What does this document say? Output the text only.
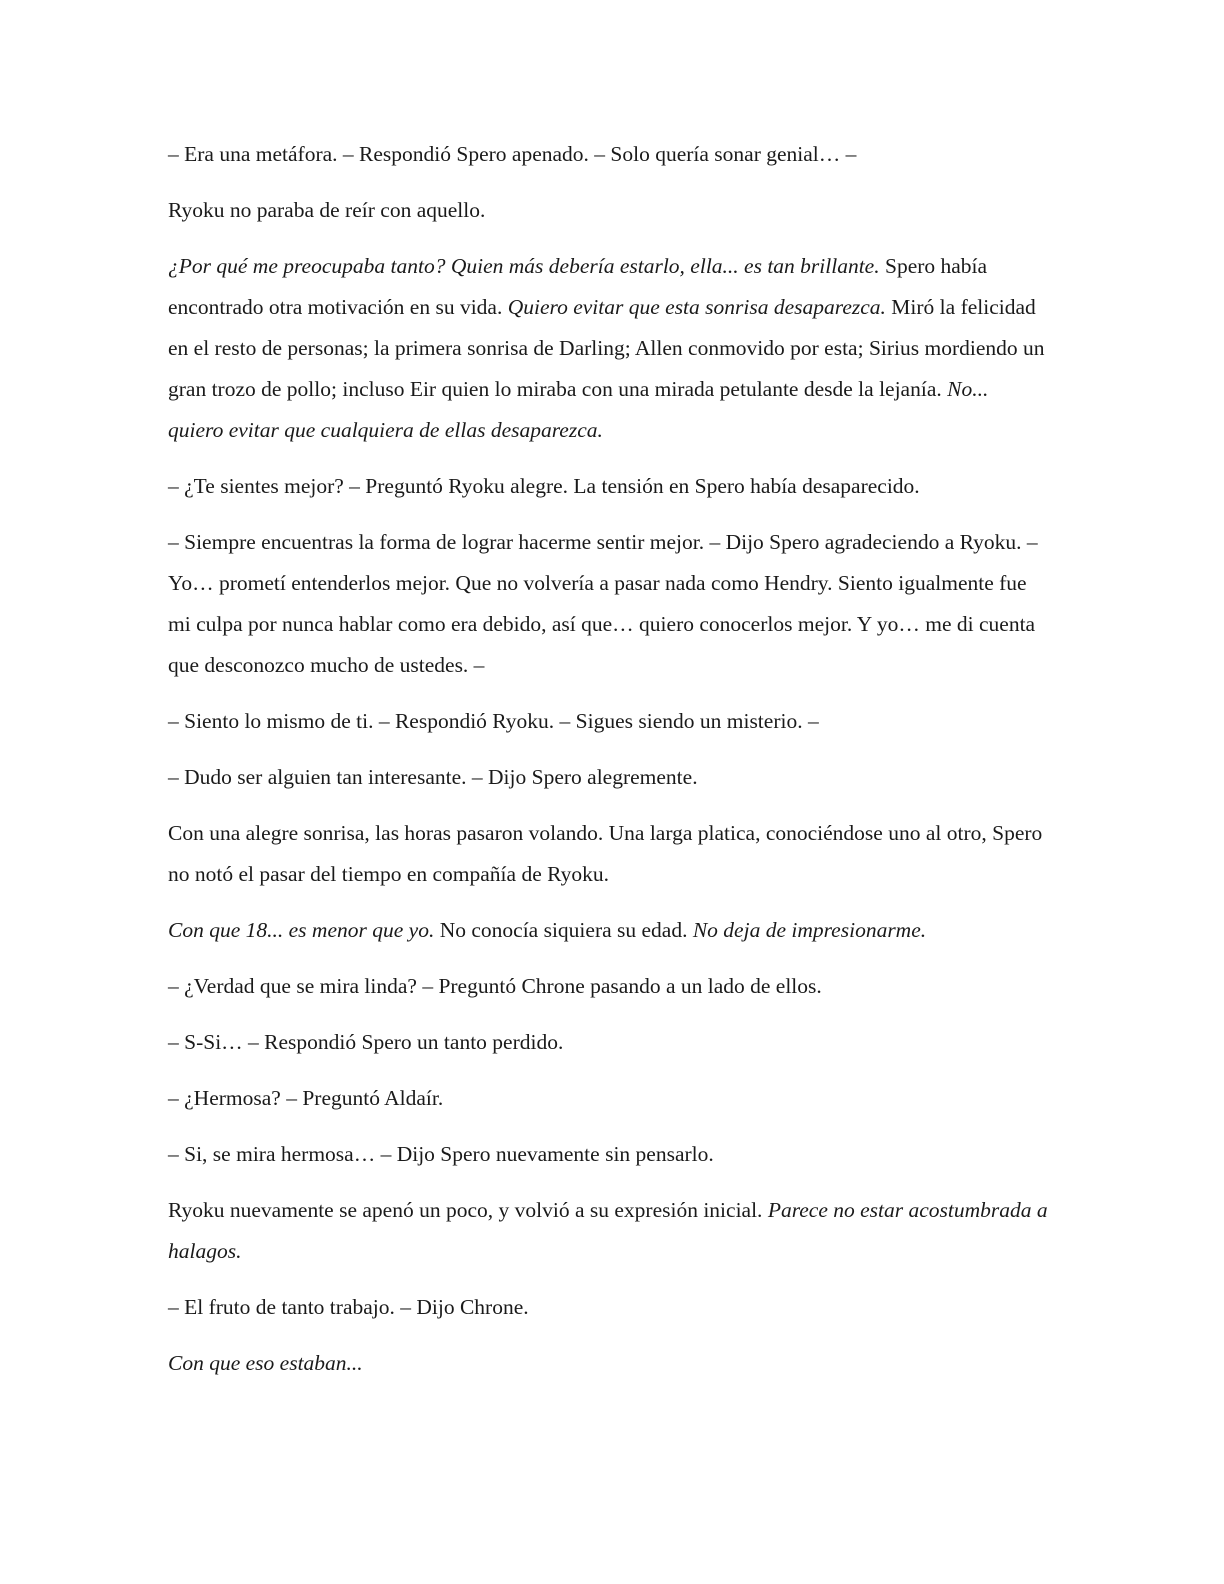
– Era una metáfora. – Respondió Spero apenado. – Solo quería sonar genial… –

Ryoku no paraba de reír con aquello.

¿Por qué me preocupaba tanto? Quien más debería estarlo, ella... es tan brillante. Spero había encontrado otra motivación en su vida. Quiero evitar que esta sonrisa desaparezca. Miró la felicidad en el resto de personas; la primera sonrisa de Darling; Allen conmovido por esta; Sirius mordiendo un gran trozo de pollo; incluso Eir quien lo miraba con una mirada petulante desde la lejanía. No... quiero evitar que cualquiera de ellas desaparezca.

– ¿Te sientes mejor? – Preguntó Ryoku alegre. La tensión en Spero había desaparecido.

– Siempre encuentras la forma de lograr hacerme sentir mejor. – Dijo Spero agradeciendo a Ryoku. – Yo… prometí entenderlos mejor. Que no volvería a pasar nada como Hendry. Siento igualmente fue mi culpa por nunca hablar como era debido, así que… quiero conocerlos mejor. Y yo… me di cuenta que desconozco mucho de ustedes. –

– Siento lo mismo de ti. – Respondió Ryoku. – Sigues siendo un misterio. –

– Dudo ser alguien tan interesante. – Dijo Spero alegremente.

Con una alegre sonrisa, las horas pasaron volando. Una larga platica, conociéndose uno al otro, Spero no notó el pasar del tiempo en compañía de Ryoku.

Con que 18... es menor que yo. No conocía siquiera su edad. No deja de impresionarme.

– ¿Verdad que se mira linda? – Preguntó Chrone pasando a un lado de ellos.

– S-Si… – Respondió Spero un tanto perdido.

– ¿Hermosa? – Preguntó Aldaír.

– Si, se mira hermosa… – Dijo Spero nuevamente sin pensarlo.

Ryoku nuevamente se apenó un poco, y volvió a su expresión inicial. Parece no estar acostumbrada a halagos.

– El fruto de tanto trabajo. – Dijo Chrone.

Con que eso estaban...
